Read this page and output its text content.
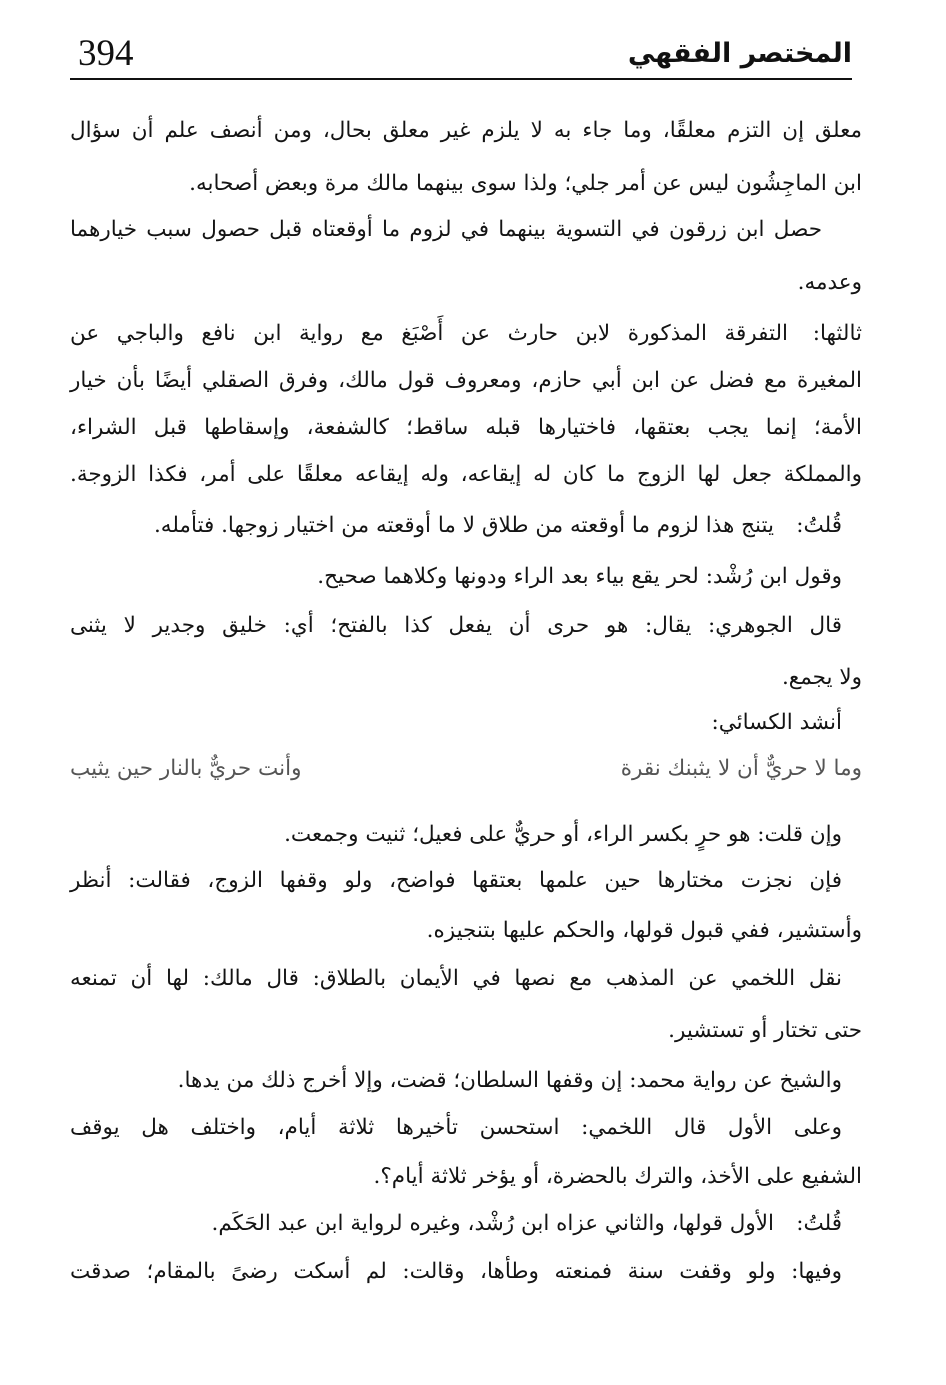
394	المختصر الفقهي
معلق إن التزم معلقًا، وما جاء به لا يلزم غير معلق بحال، ومن أنصف علم أن سؤال
ابن الماجِشُون ليس عن أمر جلي؛ ولذا سوى بينهما مالك مرة وبعض أصحابه.
حصل ابن زرقون في التسوية بينهما في لزوم ما أوقعتاه قبل حصول سبب خيارهما
وعدمه.
ثالثها:
التفرقة المذكورة لابن حارث عن أَصْبَغ مع رواية ابن نافع والباجي عن
المغيرة مع فضل عن ابن أبي حازم، ومعروف قول مالك، وفرق الصقلي أيضًا بأن خيار
الأمة؛ إنما يجب بعتقها، فاختيارها قبله ساقط؛ كالشفعة، وإسقاطها قبل الشراء،
والمملكة جعل لها الزوج ما كان له إيقاعه، وله إيقاعه معلقًا على أمر، فكذا الزوجة.
قُلتُ:
يتنج هذا لزوم ما أوقعته من طلاق لا ما أوقعته من اختيار زوجها. فتأمله.
وقول ابن رُشْد: لحر يقع بياء بعد الراء ودونها وكلاهما صحيح.
قال الجوهري: يقال: هو حرى أن يفعل كذا بالفتح؛ أي: خليق وجدير لا يثنى
ولا يجمع.
أنشد الكسائي:
وما لا حريٌّ أن لا يثبنك نقرة
وأنت حريٌّ بالنار حين يثيب
وإن قلت: هو حرٍ بكسر الراء، أو حريٌّ على فعيل؛ ثنيت وجمعت.
فإن نجزت مختارها حين علمها بعتقها فواضح، ولو وقفها الزوج، فقالت: أنظر
وأستشير، ففي قبول قولها، والحكم عليها بتنجيزه.
نقل اللخمي عن المذهب مع نصها في الأيمان بالطلاق: قال مالك: لها أن تمنعه
حتى تختار أو تستشير.
والشيخ عن رواية محمد: إن وقفها السلطان؛ قضت، وإلا أخرج ذلك من يدها.
وعلى الأول قال اللخمي: استحسن تأخيرها ثلاثة أيام، واختلف هل يوقف
الشفيع على الأخذ، والترك بالحضرة، أو يؤخر ثلاثة أيام؟.
قُلتُ:
الأول قولها، والثاني عزاه ابن رُشْد، وغيره لرواية ابن عبد الحَكَم.
وفيها: ولو وقفت سنة فمنعته وطأها، وقالت: لم أسكت رضىً بالمقام؛ صدقت
